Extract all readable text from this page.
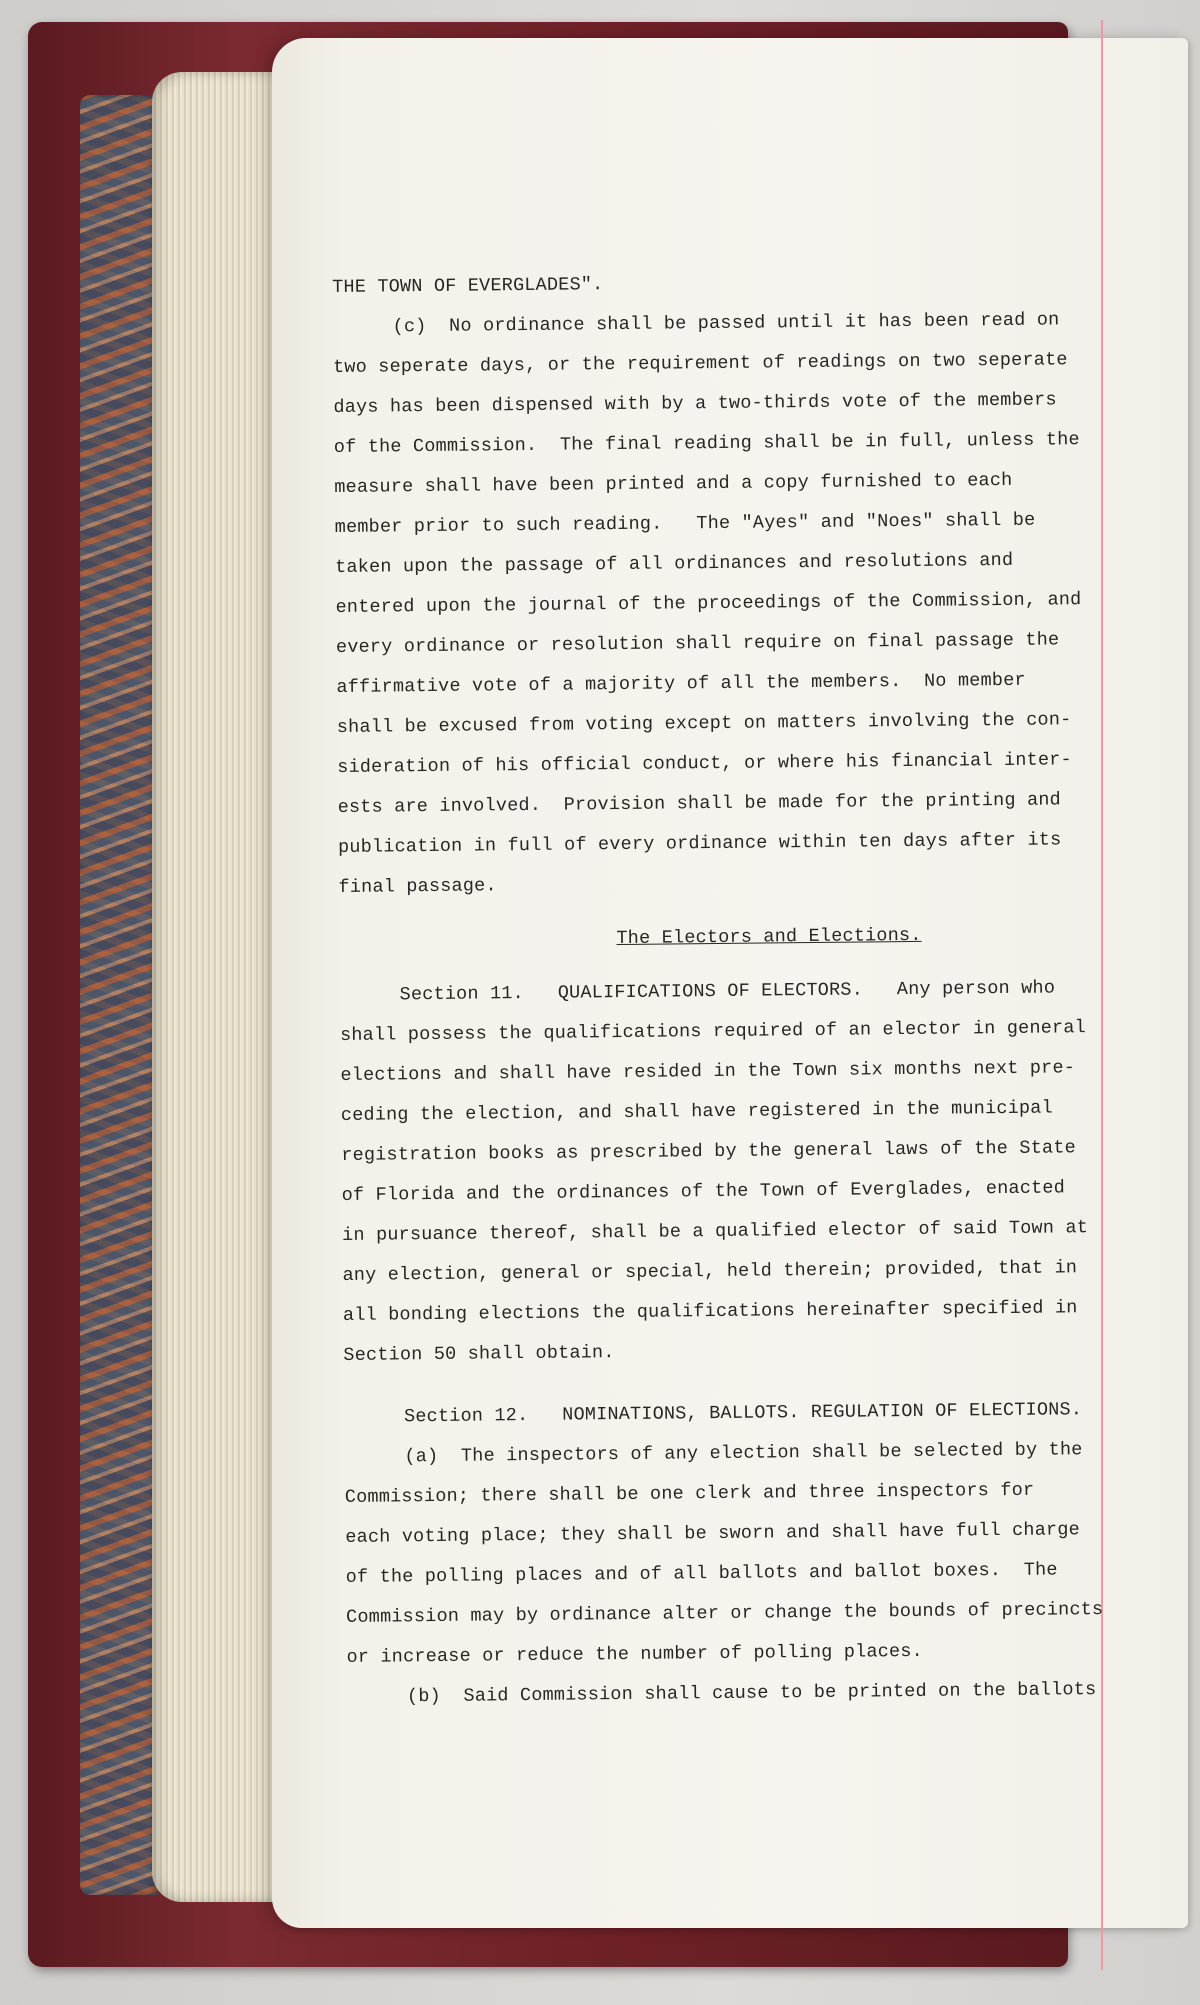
THE TOWN OF EVERGLADES".
(c)  No ordinance shall be passed until it has been read on
two seperate days, or the requirement of readings on two seperate
days has been dispensed with by a two-thirds vote of the members
of the Commission.  The final reading shall be in full, unless the
measure shall have been printed and a copy furnished to each
member prior to such reading.   The "Ayes" and "Noes" shall be
taken upon the passage of all ordinances and resolutions and
entered upon the journal of the proceedings of the Commission, and
every ordinance or resolution shall require on final passage the
affirmative vote of a majority of all the members.  No member
shall be excused from voting except on matters involving the con-
sideration of his official conduct, or where his financial inter-
ests are involved.  Provision shall be made for the printing and
publication in full of every ordinance within ten days after its
final passage.
The Electors and Elections.
Section 11.   QUALIFICATIONS OF ELECTORS.   Any person who
shall possess the qualifications required of an elector in general
elections and shall have resided in the Town six months next pre-
ceding the election, and shall have registered in the municipal
registration books as prescribed by the general laws of the State
of Florida and the ordinances of the Town of Everglades, enacted
in pursuance thereof, shall be a qualified elector of said Town at
any election, general or special, held therein; provided, that in
all bonding elections the qualifications hereinafter specified in
Section 50 shall obtain.
Section 12.   NOMINATIONS, BALLOTS. REGULATION OF ELECTIONS.
(a)  The inspectors of any election shall be selected by the
Commission; there shall be one clerk and three inspectors for
each voting place; they shall be sworn and shall have full charge
of the polling places and of all ballots and ballot boxes.  The
Commission may by ordinance alter or change the bounds of precincts
or increase or reduce the number of polling places.
(b)  Said Commission shall cause to be printed on the ballots
